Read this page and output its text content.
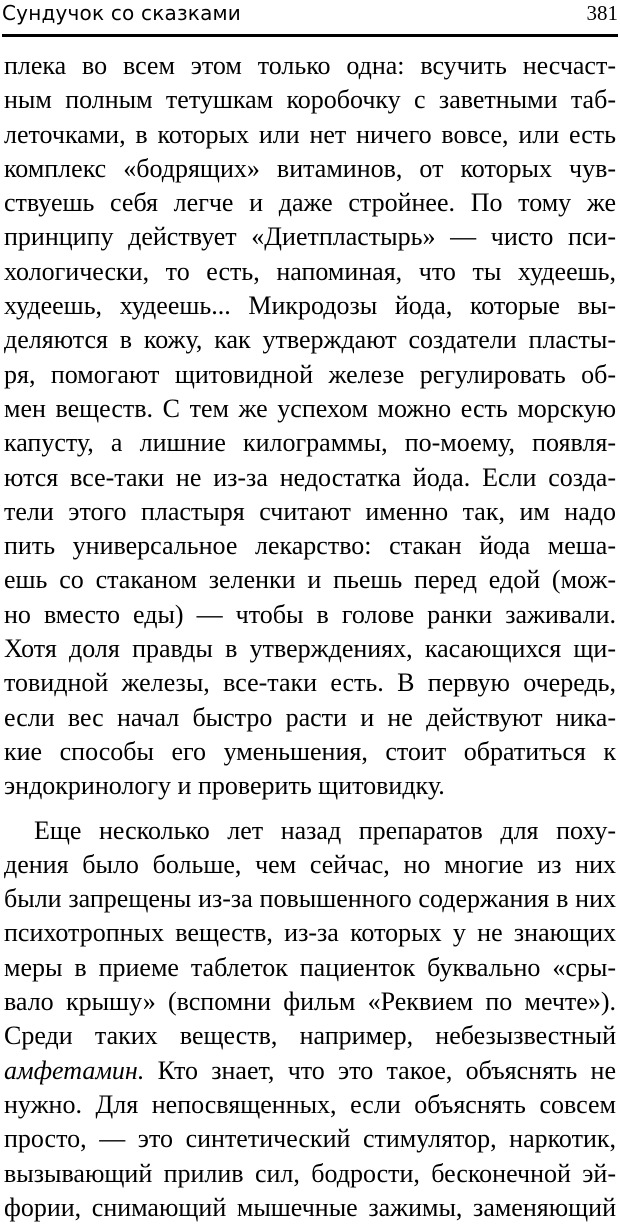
Сундучок со сказками	381
плека во всем этом только одна: всучить несчаст-
ным полным тетушкам коробочку с заветными таб-
леточками, в которых или нет ничего вовсе, или есть
комплекс «бодрящих» витаминов, от которых чув-
ствуешь себя легче и даже стройнее. По тому же
принципу действует «Диетпластырь» — чисто пси-
хологически, то есть, напоминая, что ты худеешь,
худеешь, худеешь... Микродозы йода, которые вы-
деляются в кожу, как утверждают создатели пласты-
ря, помогают щитовидной железе регулировать об-
мен веществ. С тем же успехом можно есть морскую
капусту, а лишние килограммы, по-моему, появля-
ются все-таки не из-за недостатка йода. Если созда-
тели этого пластыря считают именно так, им надо
пить универсальное лекарство: стакан йода меша-
ешь со стаканом зеленки и пьешь перед едой (мож-
но вместо еды) — чтобы в голове ранки заживали.
Хотя доля правды в утверждениях, касающихся щи-
товидной железы, все-таки есть. В первую очередь,
если вес начал быстро расти и не действуют ника-
кие способы его уменьшения, стоит обратиться к
эндокринологу и проверить щитовидку.
Еще несколько лет назад препаратов для поху-
дения было больше, чем сейчас, но многие из них
были запрещены из-за повышенного содержания в них
психотропных веществ, из-за которых у не знающих
меры в приеме таблеток пациенток буквально «сры-
вало крышу» (вспомни фильм «Реквием по мечте»).
Среди таких веществ, например, небезызвестный
амфетамин. Кто знает, что это такое, объяснять не
нужно. Для непосвященных, если объяснять совсем
просто, — это синтетический стимулятор, наркотик,
вызывающий прилив сил, бодрости, бесконечной эй-
фории, снимающий мышечные зажимы, заменяющий
